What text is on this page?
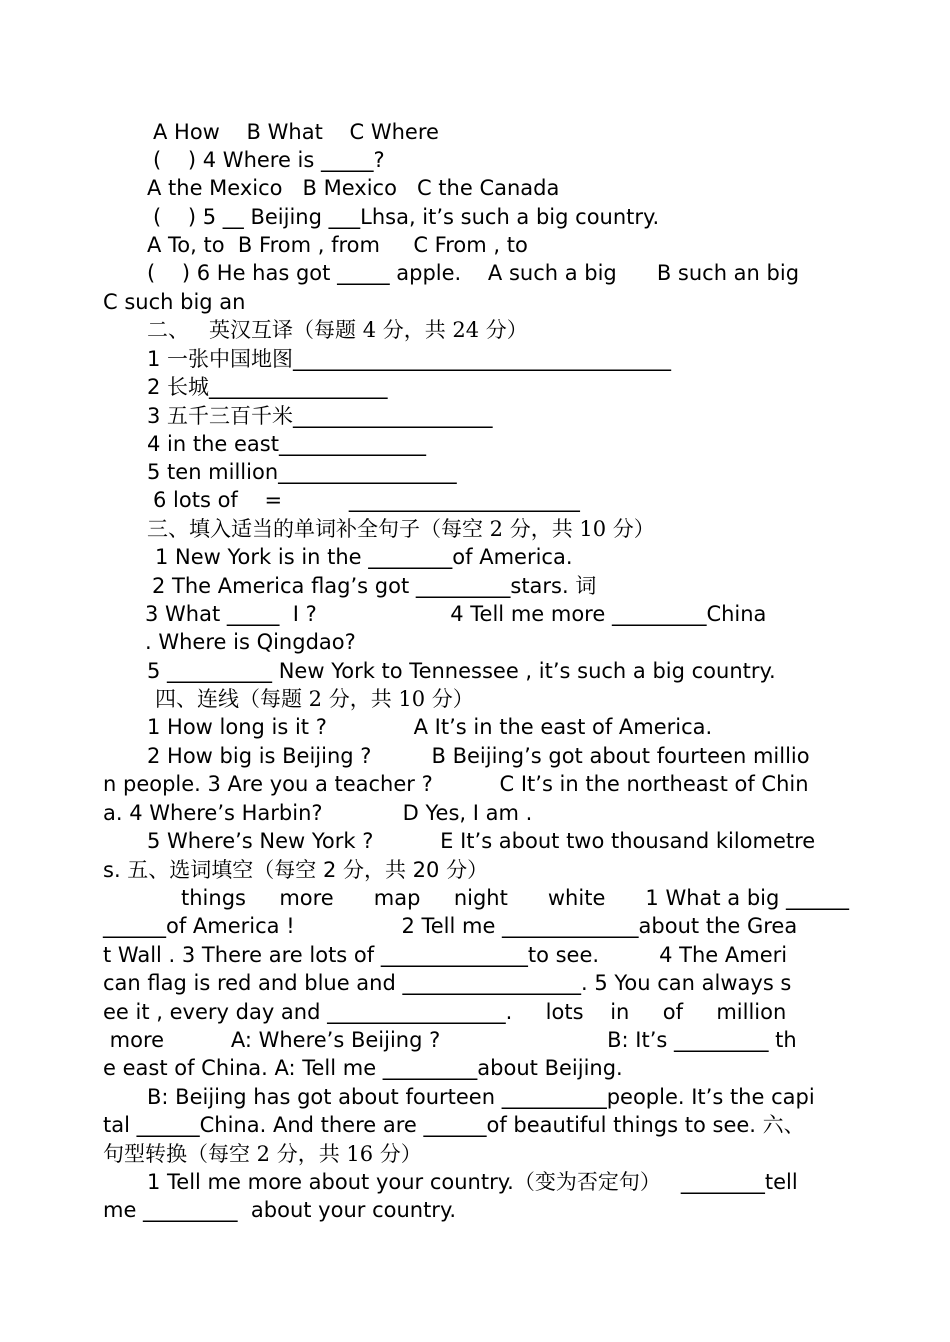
A How    B What    C Where
(    ) 4 Where is _____?
A the Mexico   B Mexico   C the Canada
(    ) 5 __ Beijing ___Lhsa, it’s such a big country.
A To, to  B From , from     C From , to
(    ) 6 He has got _____ apple.    A such a big      B such an big
C such big an
二、   英汉互译（每题 4 分，共 24 分）
1 一张中国地图____________________________________
2 长城_________________
3 五千三百千米___________________
4 in the east______________
5 ten million_________________
6 lots of    =          ______________________
三、填入适当的单词补全句子（每空 2 分，共 10 分）
1 New York is in the ________of America.
2 The America flag’s got _________stars. 词
3 What _____  I ?                    4 Tell me more _________China
. Where is Qingdao?
5 __________ New York to Tennessee , it’s such a big country.
四、连线（每题 2 分，共 10 分）
1 How long is it ?             A It’s in the east of America.
2 How big is Beijing ?         B Beijing’s got about fourteen millio
n people. 3 Are you a teacher ?          C It’s in the northeast of Chin
a. 4 Where’s Harbin?            D Yes, I am .
5 Where’s New York ?          E It’s about two thousand kilometre
s. 五、选词填空（每空 2 分，共 20 分）
things     more      map     night      white      1 What a big ______
______of America !                2 Tell me _____________about the Grea
t Wall . 3 There are lots of ______________to see.         4 The Ameri
can flag is red and blue and _________________. 5 You can always s
ee it , every day and _________________.     lots    in     of     million
more          A: Where’s Beijing ?                         B: It’s _________ th
e east of China. A: Tell me _________about Beijing.
B: Beijing has got about fourteen __________people. It’s the capi
tal ______China. And there are ______of beautiful things to see. 六、
句型转换（每空 2 分，共 16 分）
1 Tell me more about your country.（变为否定句）   ________tell
me _________  about your country.
